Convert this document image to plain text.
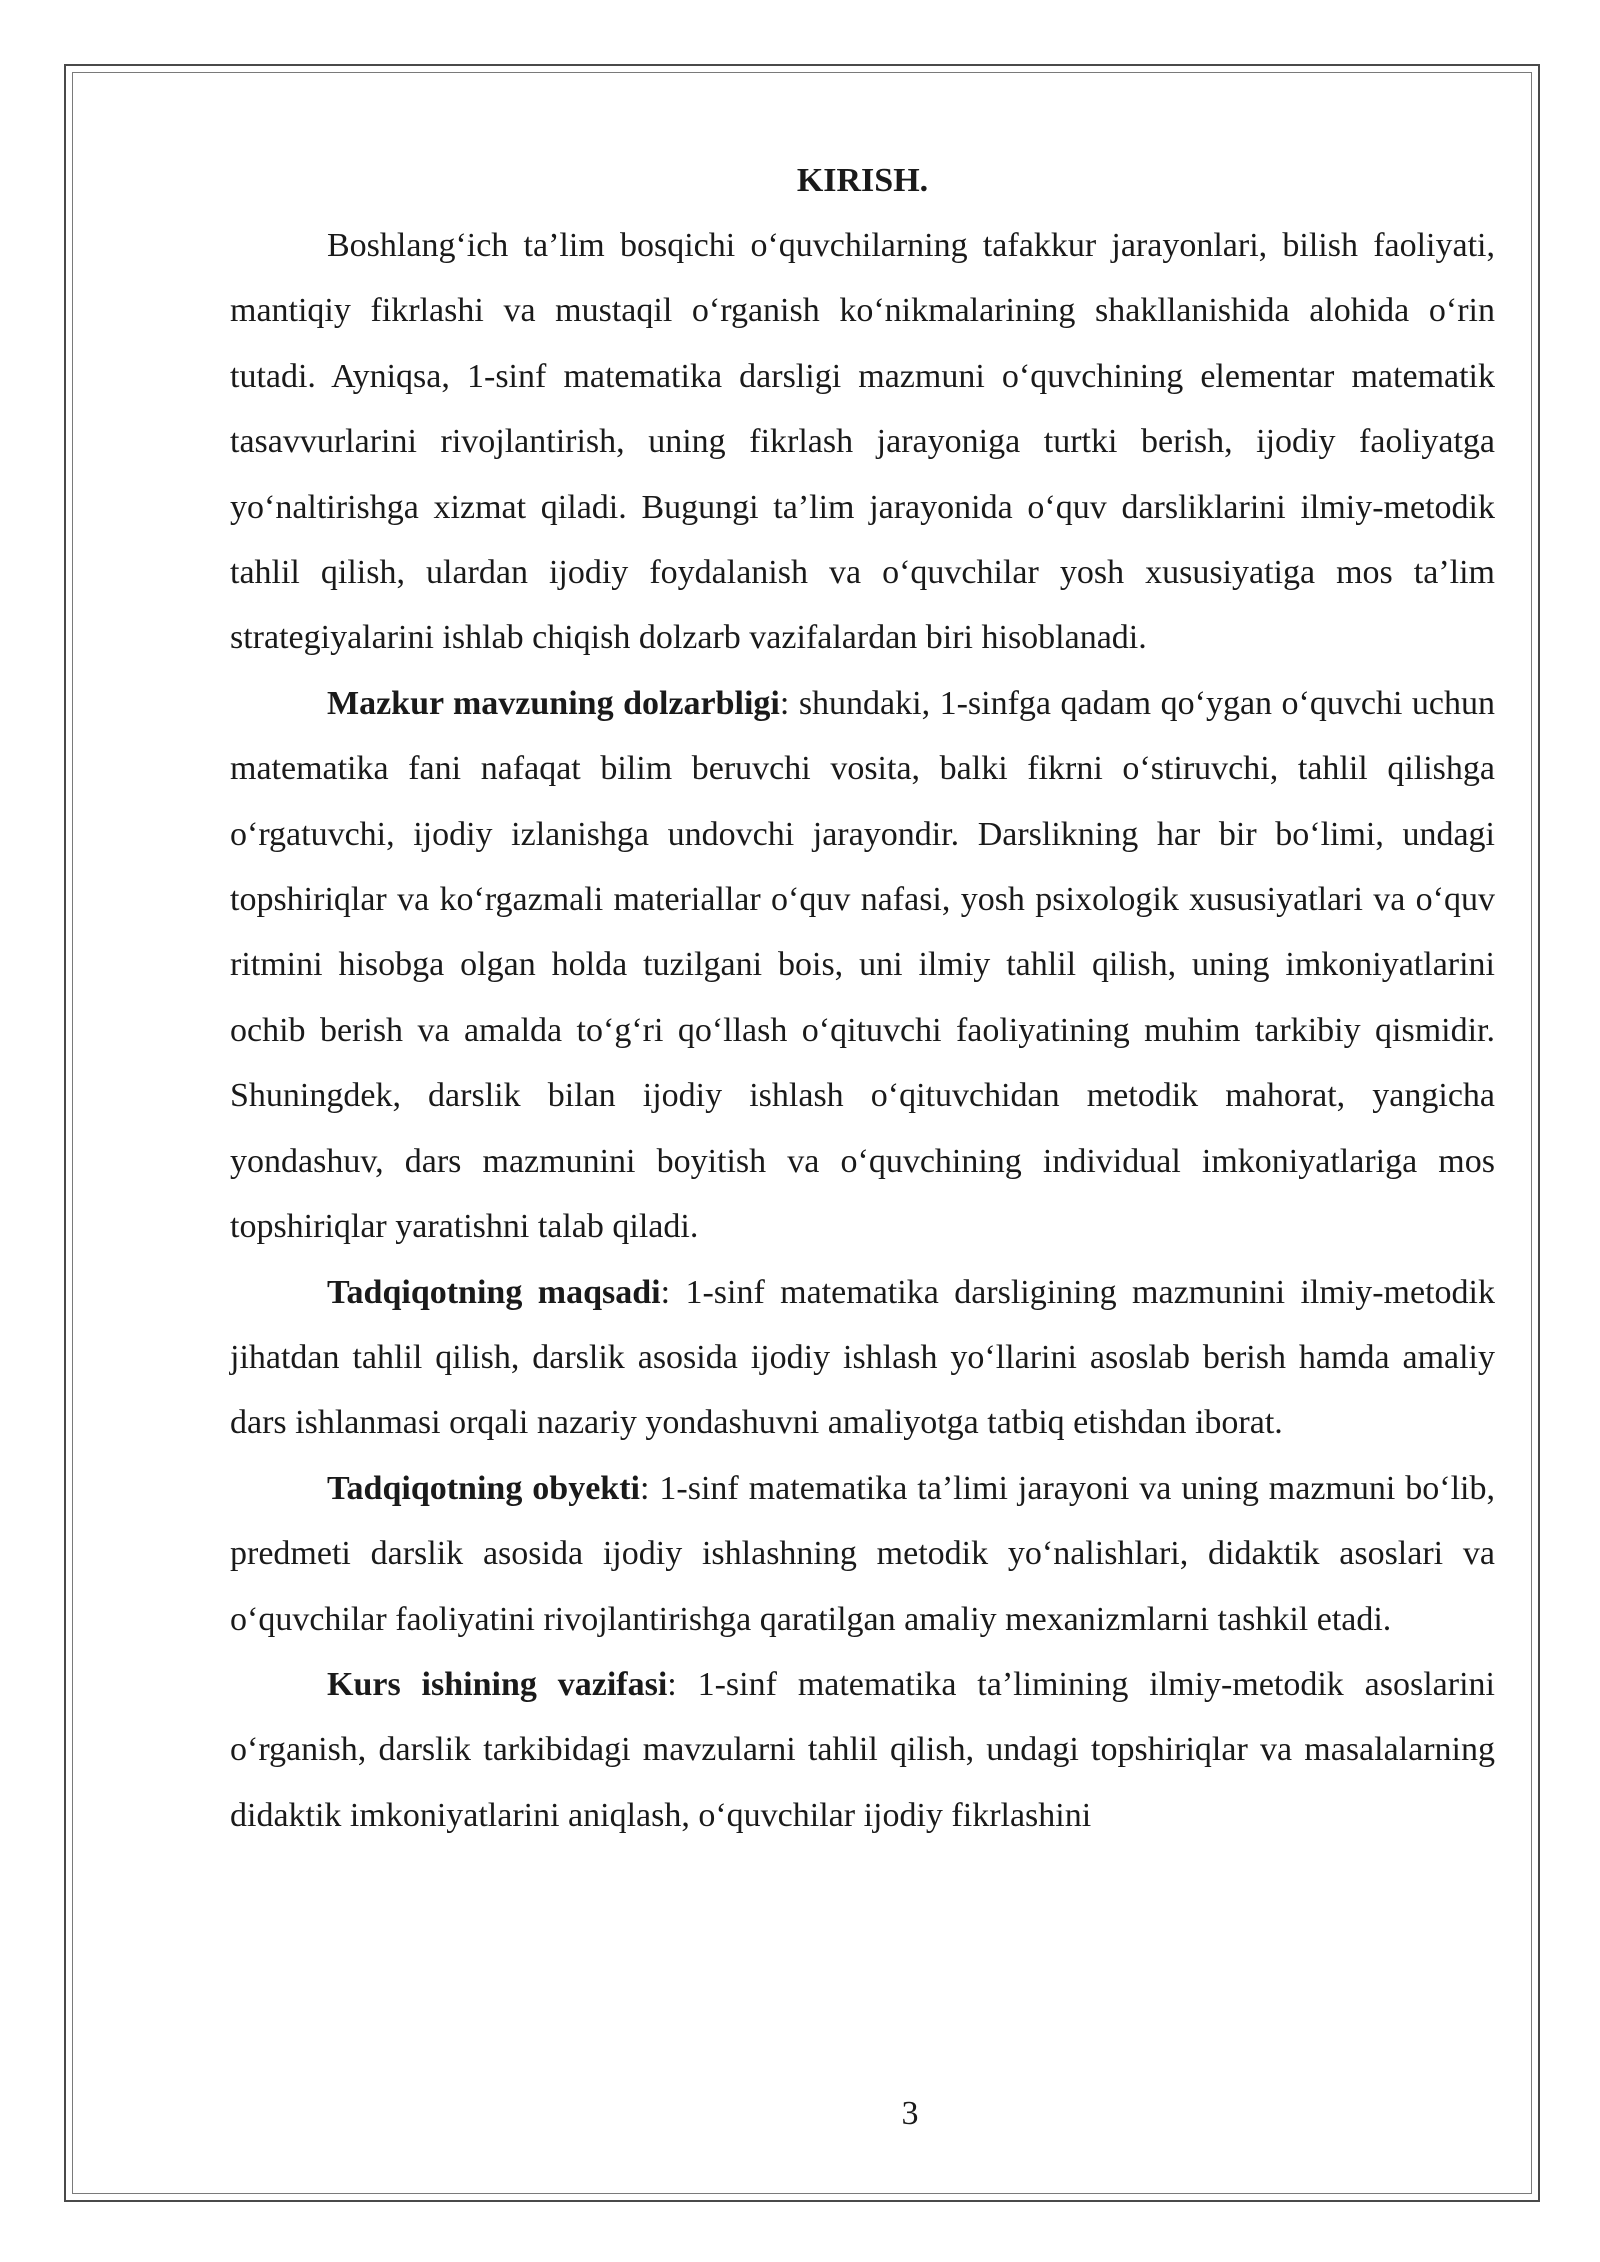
KIRISH.

Boshlang‘ich ta’lim bosqichi o‘quvchilarning tafakkur jarayonlari, bilish faoliyati, mantiqiy fikrlashi va mustaqil o‘rganish ko‘nikmalarining shakllanishida alohida o‘rin tutadi. Ayniqsa, 1-sinf matematika darsligi mazmuni o‘quvchining elementar matematik tasavvurlarini rivojlantirish, uning fikrlash jarayoniga turtki berish, ijodiy faoliyatga yo‘naltirishga xizmat qiladi. Bugungi ta’lim jarayonida o‘quv darsliklarini ilmiy-metodik tahlil qilish, ulardan ijodiy foydalanish va o‘quvchilar yosh xususiyatiga mos ta’lim strategiyalarini ishlab chiqish dolzarb vazifalardan biri hisoblanadi.

Mazkur mavzuning dolzarbligi: shundaki, 1-sinfga qadam qo‘ygan o‘quvchi uchun matematika fani nafaqat bilim beruvchi vosita, balki fikrni o‘stiruvchi, tahlil qilishga o‘rgatuvchi, ijodiy izlanishga undovchi jarayondir. Darslikning har bir bo‘limi, undagi topshiriqlar va ko‘rgazmali materiallar o‘quv nafasi, yosh psixologik xususiyatlari va o‘quv ritmini hisobga olgan holda tuzilgani bois, uni ilmiy tahlil qilish, uning imkoniyatlarini ochib berish va amalda to‘g‘ri qo‘llash o‘qituvchi faoliyatining muhim tarkibiy qismidir. Shuningdek, darslik bilan ijodiy ishlash o‘qituvchidan metodik mahorat, yangicha yondashuv, dars mazmunini boyitish va o‘quvchining individual imkoniyatlariga mos topshiriqlar yaratishni talab qiladi.

Tadqiqotning maqsadi: 1-sinf matematika darsligining mazmunini ilmiy-metodik jihatdan tahlil qilish, darslik asosida ijodiy ishlash yo‘llarini asoslab berish hamda amaliy dars ishlanmasi orqali nazariy yondashuvni amaliyotga tatbiq etishdan iborat.

Tadqiqotning obyekti: 1-sinf matematika ta’limi jarayoni va uning mazmuni bo‘lib, predmeti darslik asosida ijodiy ishlashning metodik yo‘nalishlari, didaktik asoslari va o‘quvchilar faoliyatini rivojlantirishga qaratilgan amaliy mexanizmlarni tashkil etadi.

Kurs ishining vazifasi: 1-sinf matematika ta’limining ilmiy-metodik asoslarini o‘rganish, darslik tarkibidagi mavzularni tahlil qilish, undagi topshiriqlar va masalalarning didaktik imkoniyatlarini aniqlash, o‘quvchilar ijodiy fikrlashini

3
